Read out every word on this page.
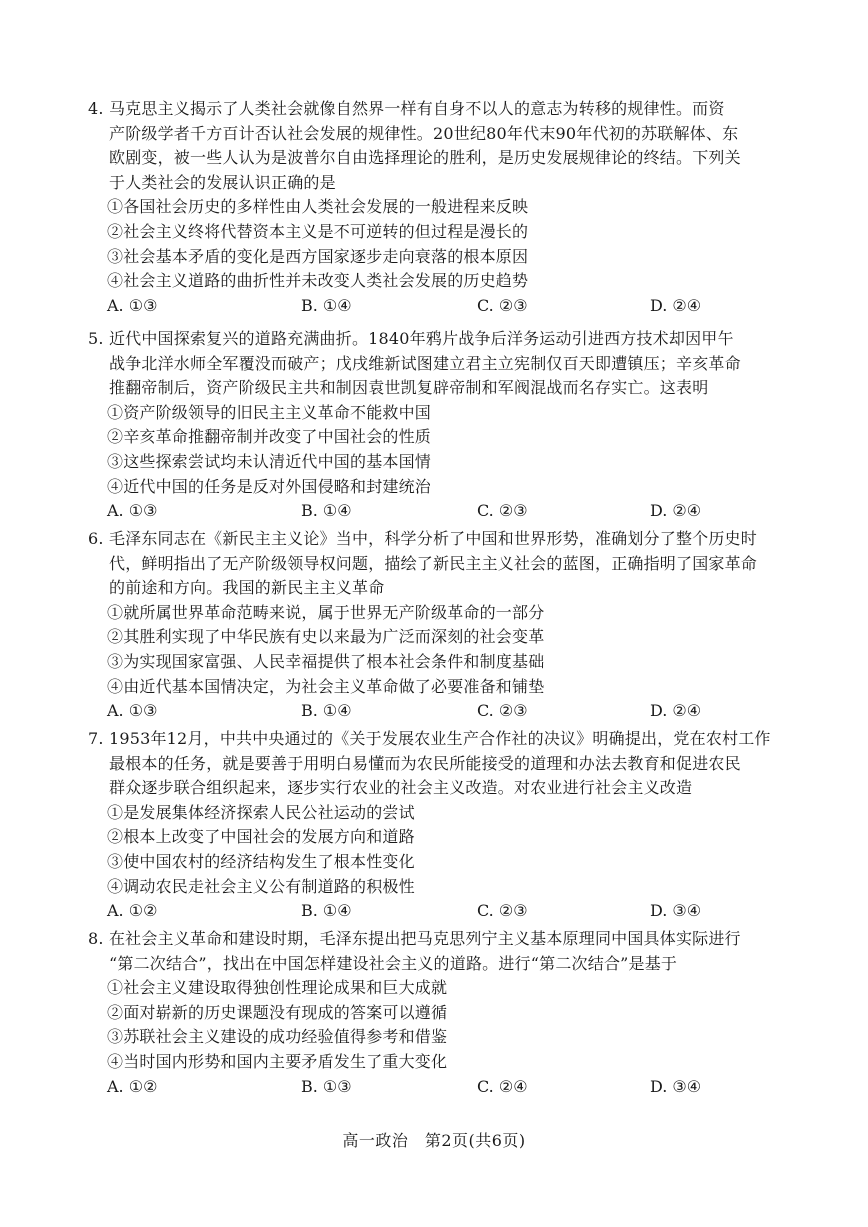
4. 马克思主义揭示了人类社会就像自然界一样有自身不以人的意志为转移的规律性。而资
产阶级学者千方百计否认社会发展的规律性。20世纪80年代末90年代初的苏联解体、东
欧剧变，被一些人认为是波普尔自由选择理论的胜利，是历史发展规律论的终结。下列关
于人类社会的发展认识正确的是
①各国社会历史的多样性由人类社会发展的一般进程来反映
②社会主义终将代替资本主义是不可逆转的但过程是漫长的
③社会基本矛盾的变化是西方国家逐步走向衰落的根本原因
④社会主义道路的曲折性并未改变人类社会发展的历史趋势
A. ①③	B. ①④	C. ②③	D. ②④
5. 近代中国探索复兴的道路充满曲折。1840年鸦片战争后洋务运动引进西方技术却因甲午
战争北洋水师全军覆没而破产；戊戌维新试图建立君主立宪制仅百天即遭镇压；辛亥革命
推翻帝制后，资产阶级民主共和制因袁世凯复辟帝制和军阀混战而名存实亡。这表明
①资产阶级领导的旧民主主义革命不能救中国
②辛亥革命推翻帝制并改变了中国社会的性质
③这些探索尝试均未认清近代中国的基本国情
④近代中国的任务是反对外国侵略和封建统治
A. ①③	B. ①④	C. ②③	D. ②④
6. 毛泽东同志在《新民主主义论》当中，科学分析了中国和世界形势，准确划分了整个历史时
代，鲜明指出了无产阶级领导权问题，描绘了新民主主义社会的蓝图，正确指明了国家革命
的前途和方向。我国的新民主主义革命
①就所属世界革命范畴来说，属于世界无产阶级革命的一部分
②其胜利实现了中华民族有史以来最为广泛而深刻的社会变革
③为实现国家富强、人民幸福提供了根本社会条件和制度基础
④由近代基本国情决定，为社会主义革命做了必要准备和铺垫
A. ①③	B. ①④	C. ②③	D. ②④
7. 1953年12月，中共中央通过的《关于发展农业生产合作社的决议》明确提出，党在农村工作
最根本的任务，就是要善于用明白易懂而为农民所能接受的道理和办法去教育和促进农民
群众逐步联合组织起来，逐步实行农业的社会主义改造。对农业进行社会主义改造
①是发展集体经济探索人民公社运动的尝试
②根本上改变了中国社会的发展方向和道路
③使中国农村的经济结构发生了根本性变化
④调动农民走社会主义公有制道路的积极性
A. ①②	B. ①④	C. ②③	D. ③④
8. 在社会主义革命和建设时期，毛泽东提出把马克思列宁主义基本原理同中国具体实际进行
“第二次结合”，找出在中国怎样建设社会主义的道路。进行“第二次结合”是基于
①社会主义建设取得独创性理论成果和巨大成就
②面对崭新的历史课题没有现成的答案可以遵循
③苏联社会主义建设的成功经验值得参考和借鉴
④当时国内形势和国内主要矛盾发生了重大变化
A. ①②	B. ①③	C. ②④	D. ③④
高一政治　第2页(共6页)
